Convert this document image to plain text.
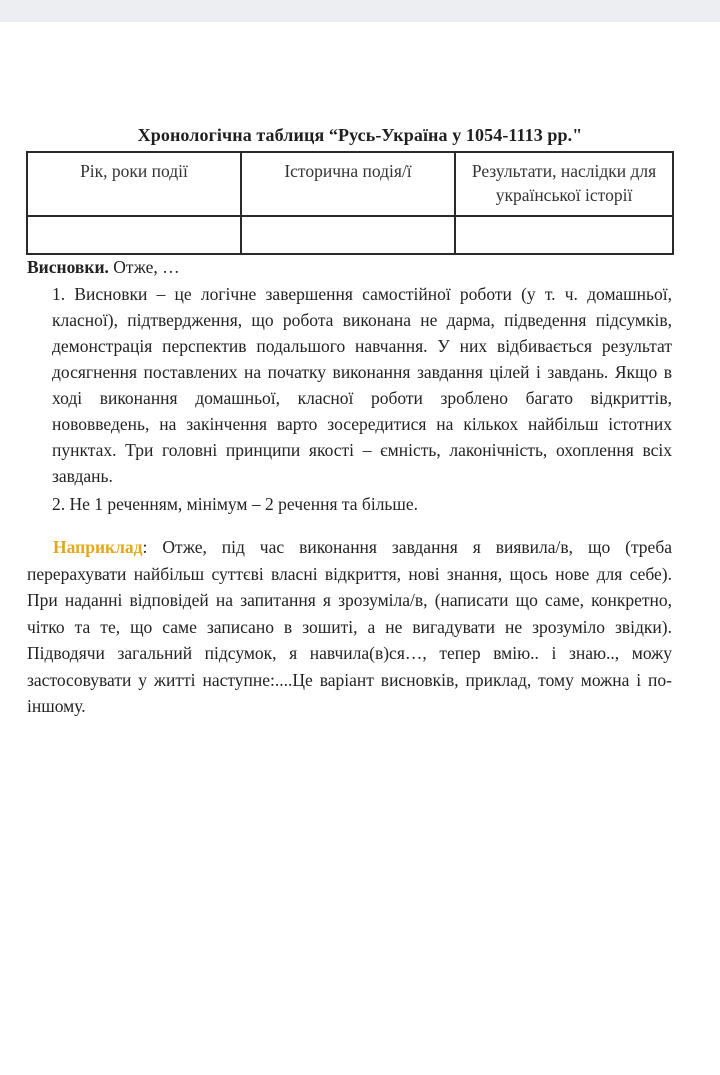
Хронологічна таблиця “Русь-Україна у 1054-1113 рр."
Рік, роки події	Історична подія/ї	Результати, наслідки для української історії

Висновки. Отже, …
1. Висновки – це логічне завершення самостійної роботи (у т. ч. домашньої, класної), підтвердження, що робота виконана не дарма, підведення підсумків, демонстрація перспектив подальшого навчання. У них відбивається результат досягнення поставлених на початку виконання завдання цілей і завдань. Якщо в ході виконання домашньої, класної роботи зроблено багато відкриттів, нововведень, на закінчення варто зосередитися на кількох найбільш істотних пунктах. Три головні принципи якості – ємність, лаконічність, охоплення всіх завдань.
2. Не 1 реченням, мінімум – 2 речення та більше.
Наприклад: Отже, під час виконання завдання я виявила/в, що (треба перерахувати найбільш суттєві власні відкриття, нові знання, щось нове для себе). При наданні відповідей на запитання я зрозуміла/в, (написати що саме, конкретно, чітко та те, що саме записано в зошиті, а не вигадувати не зрозуміло звідки). Підводячи загальний підсумок, я навчила(в)ся…, тепер вмію.. і знаю.., можу застосовувати у житті наступне:....Це варіант висновків, приклад, тому можна і по-іншому.
